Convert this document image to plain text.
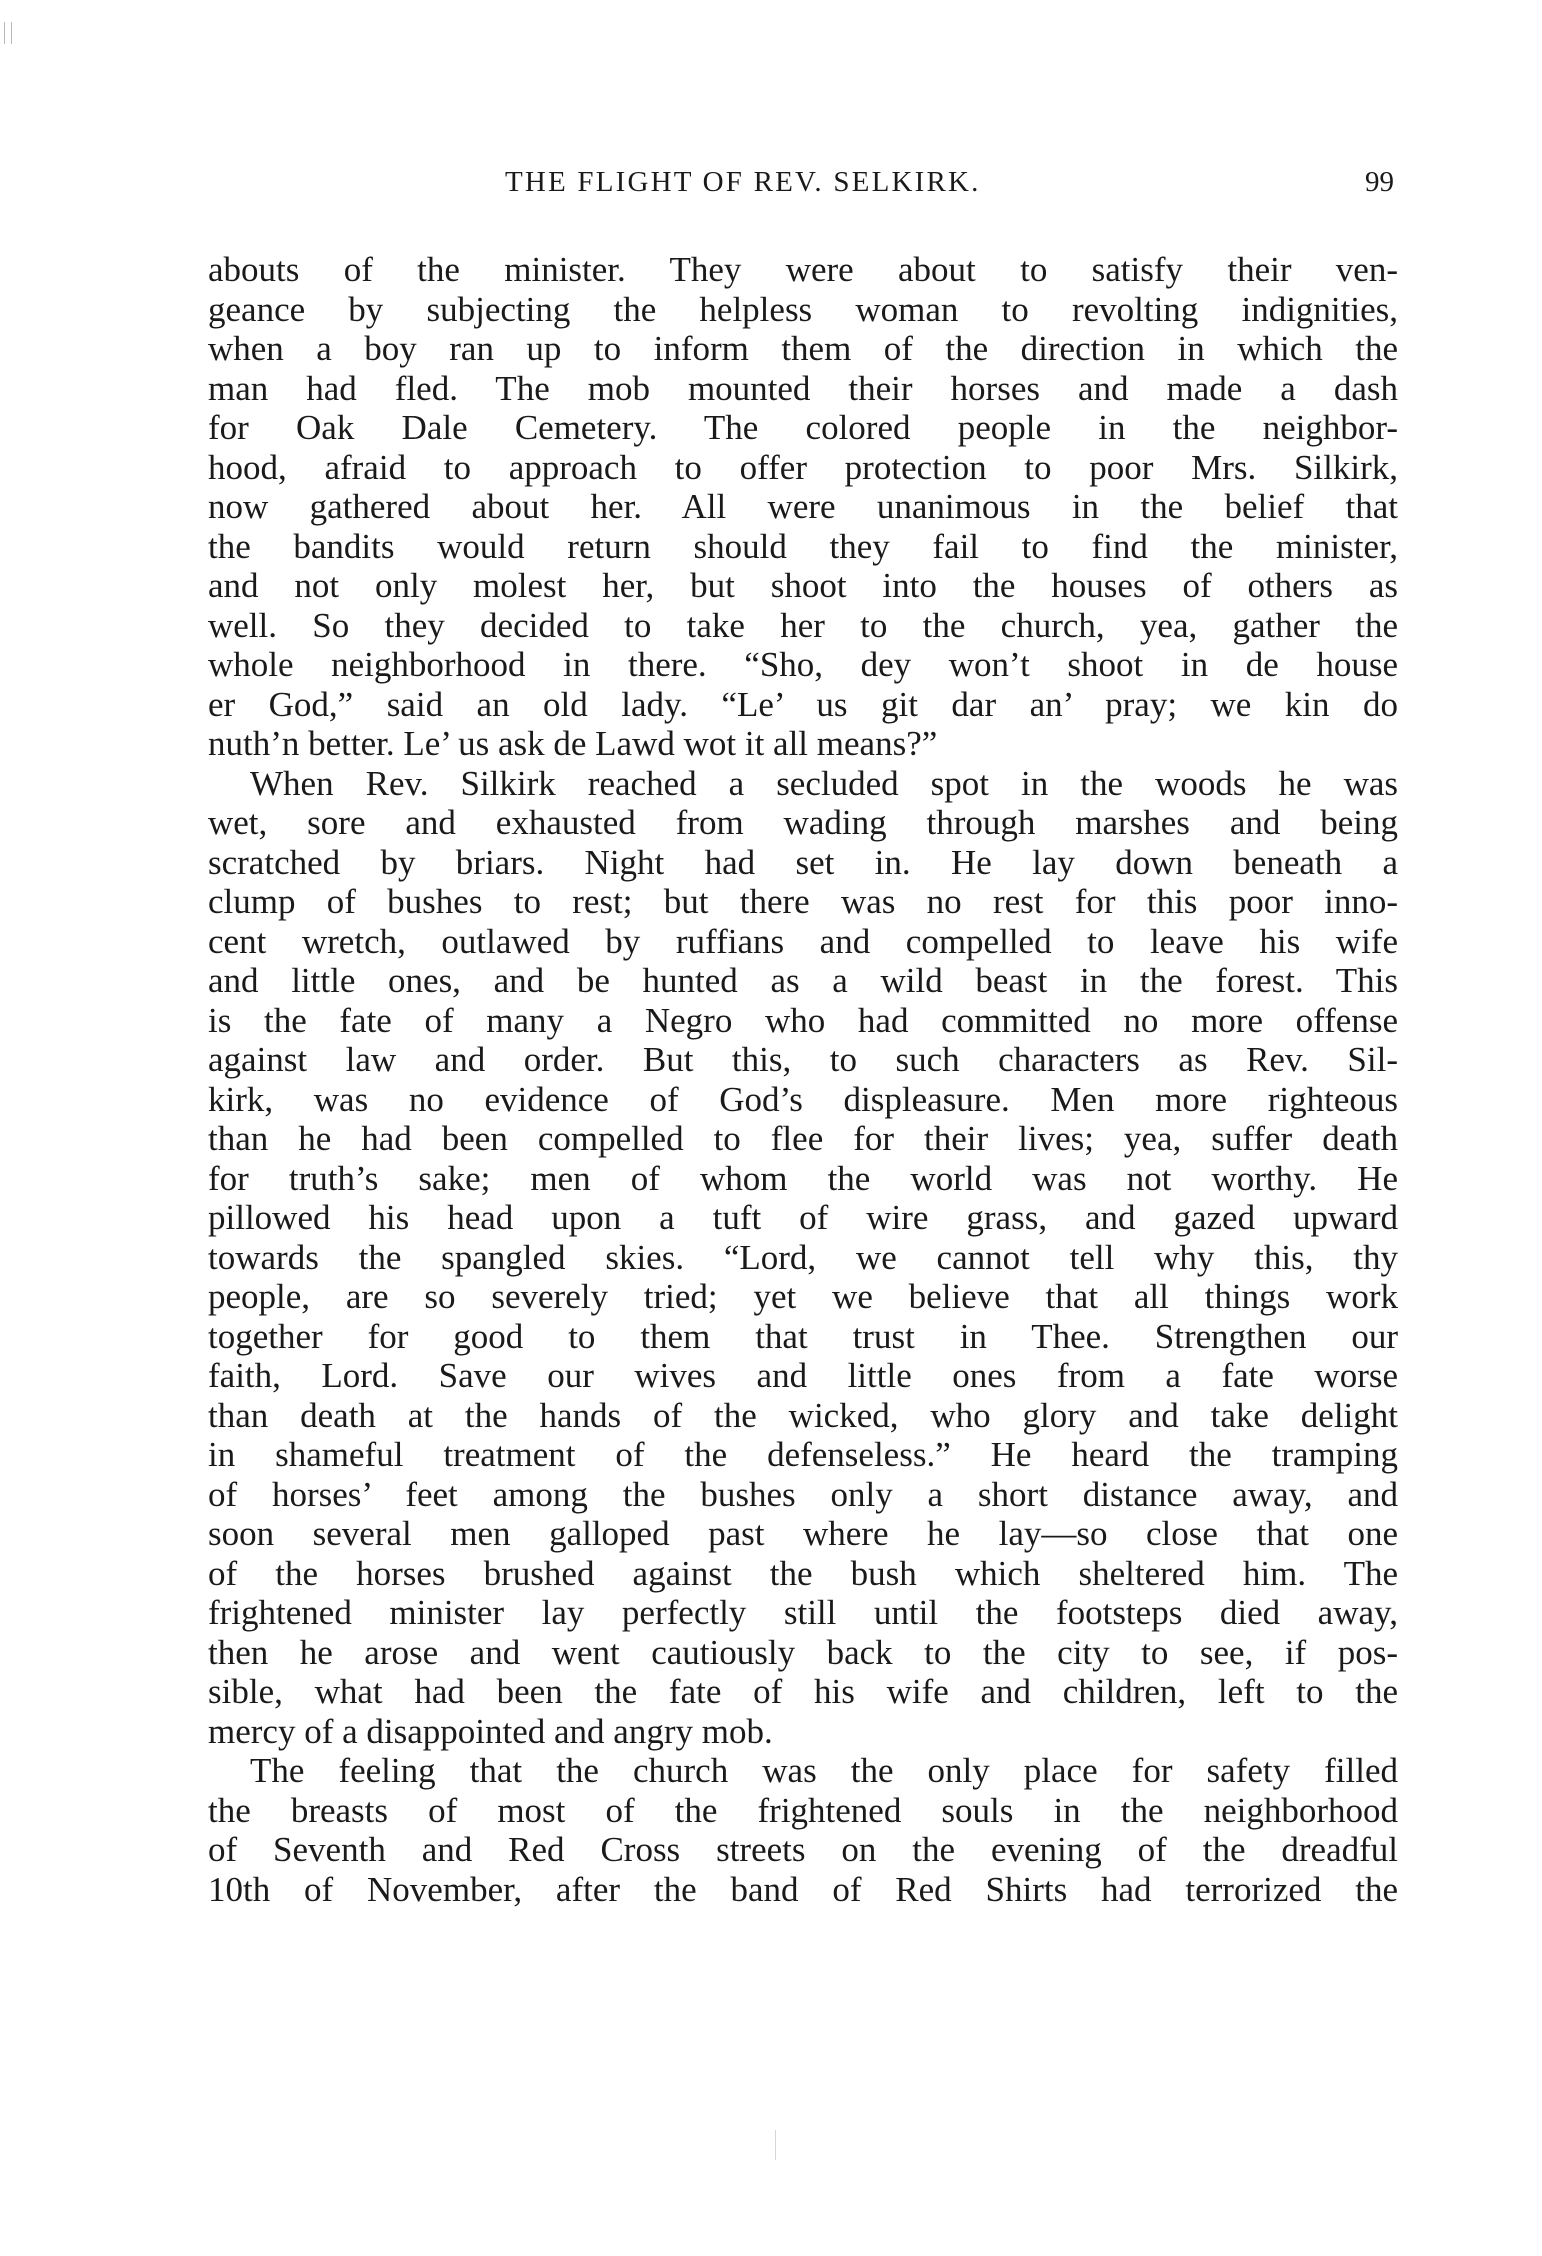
THE FLIGHT OF REV. SELKIRK.	99
abouts of the minister. They were about to satisfy their ven-
geance by subjecting the helpless woman to revolting indignities,
when a boy ran up to inform them of the direction in which the
man had fled. The mob mounted their horses and made a dash
for Oak Dale Cemetery. The colored people in the neighbor-
hood, afraid to approach to offer protection to poor Mrs. Silkirk,
now gathered about her. All were unanimous in the belief that
the bandits would return should they fail to find the minister,
and not only molest her, but shoot into the houses of others as
well. So they decided to take her to the church, yea, gather the
whole neighborhood in there. “Sho, dey won’t shoot in de house
er God,” said an old lady. “Le’ us git dar an’ pray; we kin do
nuth’n better. Le’ us ask de Lawd wot it all means?”
When Rev. Silkirk reached a secluded spot in the woods he was
wet, sore and exhausted from wading through marshes and being
scratched by briars. Night had set in. He lay down beneath a
clump of bushes to rest; but there was no rest for this poor inno-
cent wretch, outlawed by ruffians and compelled to leave his wife
and little ones, and be hunted as a wild beast in the forest. This
is the fate of many a Negro who had committed no more offense
against law and order. But this, to such characters as Rev. Sil-
kirk, was no evidence of God’s displeasure. Men more righteous
than he had been compelled to flee for their lives; yea, suffer death
for truth’s sake; men of whom the world was not worthy. He
pillowed his head upon a tuft of wire grass, and gazed upward
towards the spangled skies. “Lord, we cannot tell why this, thy
people, are so severely tried; yet we believe that all things work
together for good to them that trust in Thee. Strengthen our
faith, Lord. Save our wives and little ones from a fate worse
than death at the hands of the wicked, who glory and take delight
in shameful treatment of the defenseless.” He heard the tramping
of horses’ feet among the bushes only a short distance away, and
soon several men galloped past where he lay—so close that one
of the horses brushed against the bush which sheltered him. The
frightened minister lay perfectly still until the footsteps died away,
then he arose and went cautiously back to the city to see, if pos-
sible, what had been the fate of his wife and children, left to the
mercy of a disappointed and angry mob.
The feeling that the church was the only place for safety filled
the breasts of most of the frightened souls in the neighborhood
of Seventh and Red Cross streets on the evening of the dreadful
10th of November, after the band of Red Shirts had terrorized the
